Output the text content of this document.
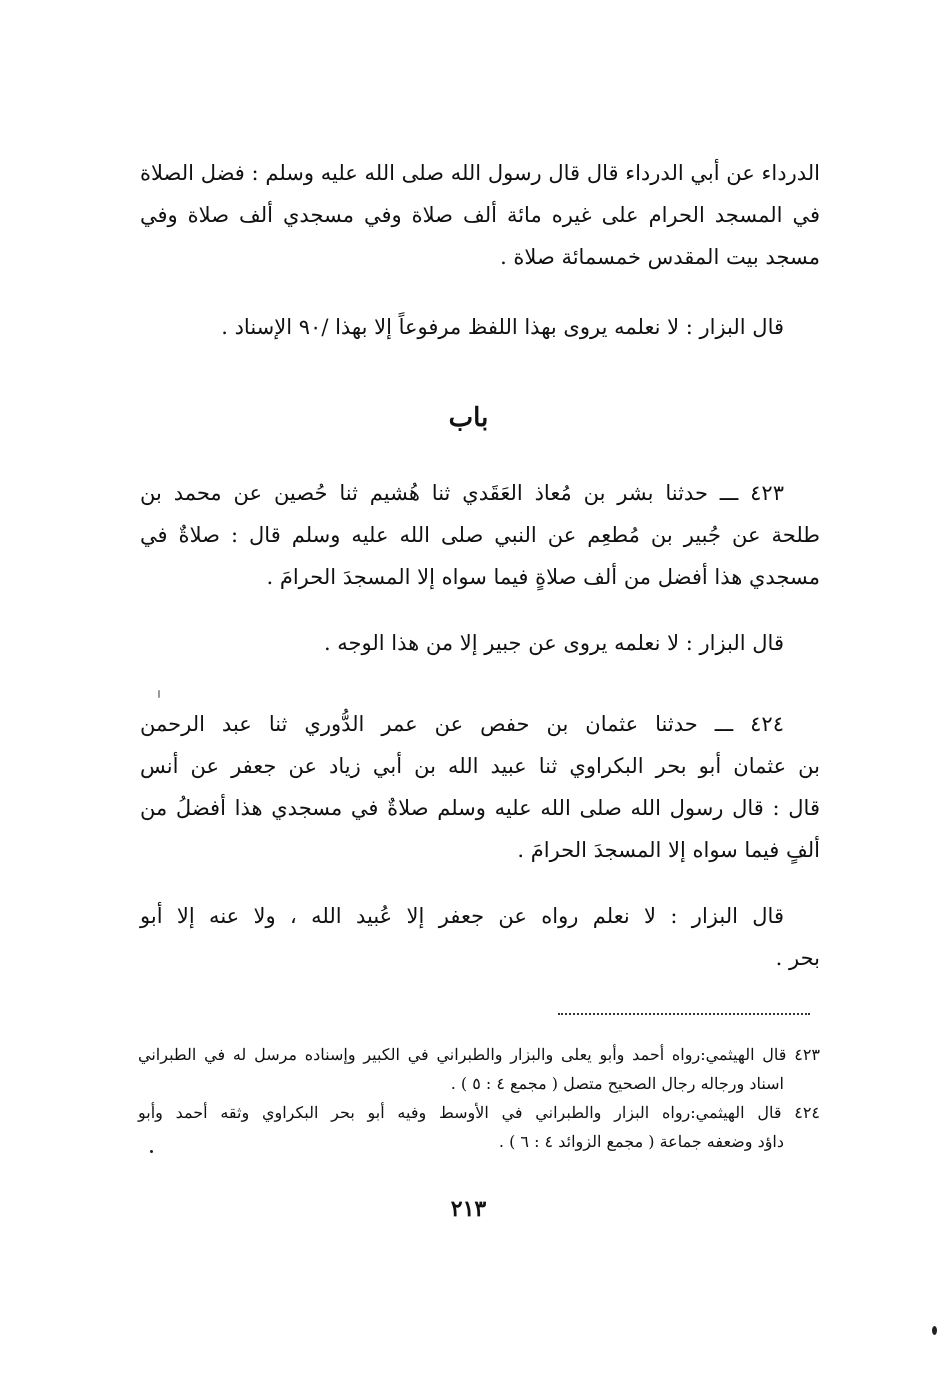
الدرداء عن أبي الدرداء قال قال رسول الله صلى الله عليه وسلم : فضل الصلاة
في المسجد الحرام على غيره مائة ألف صلاة وفي مسجدي ألف صلاة وفي
مسجد بيت المقدس خمسمائة صلاة .
قال البزار : لا نعلمه يروى بهذا اللفظ مرفوعاً إلا بهذا /٩٠ الإسناد .
باب
٤٢٣ ـــ حدثنا بشر بن مُعاذ العَقَدي ثنا هُشيم ثنا حُصين عن محمد بن
طلحة عن جُبير بن مُطعِم عن النبي صلى الله عليه وسلم قال : صلاةٌ في
مسجدي هذا أفضل من ألف صلاةٍ فيما سواه إلا المسجدَ الحرامَ .
قال البزار : لا نعلمه يروى عن جبير إلا من هذا الوجه .
٤٢٤ ـــ حدثنا عثمان بن حفص عن عمر الدُّوري ثنا عبد الرحمن
بن عثمان أبو بحر البكراوي ثنا عبيد الله بن أبي زياد عن جعفر عن أنس
قال : قال رسول الله صلى الله عليه وسلم صلاةٌ في مسجدي هذا أفضلُ من
ألفٍ فيما سواه إلا المسجدَ الحرامَ .
قال البزار : لا نعلم رواه عن جعفر إلا عُبيد الله ، ولا عنه إلا أبو
بحر .
٤٢٣ قال الهيثمي:رواه أحمد وأبو يعلى والبزار والطبراني في الكبير وإسناده مرسل له في الطبراني
اسناد ورجاله رجال الصحيح متصل ( مجمع ٤ : ٥ ) .
٤٢٤ قال الهيثمي:رواه البزار والطبراني في الأوسط وفيه أبو بحر البكراوي وثقه أحمد وأبو
داؤد وضعفه جماعة ( مجمع الزوائد ٤ : ٦ ) .
٢١٣
